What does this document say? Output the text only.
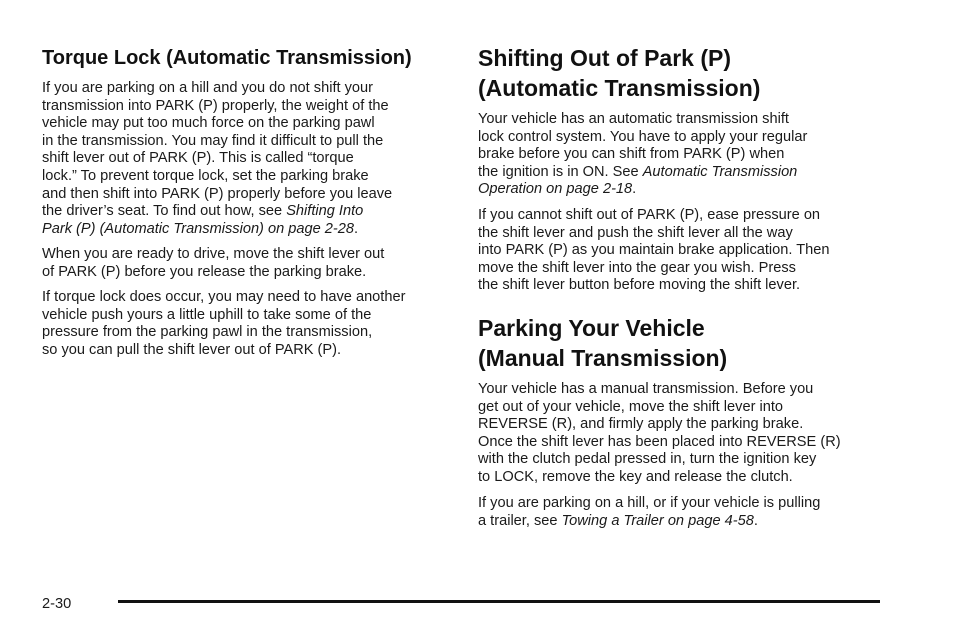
Torque Lock (Automatic Transmission)
If you are parking on a hill and you do not shift your
transmission into PARK (P) properly, the weight of the
vehicle may put too much force on the parking pawl
in the transmission. You may find it difficult to pull the
shift lever out of PARK (P). This is called “torque
lock.” To prevent torque lock, set the parking brake
and then shift into PARK (P) properly before you leave
the driver’s seat. To find out how, see Shifting Into
Park (P) (Automatic Transmission) on page 2-28.
When you are ready to drive, move the shift lever out
of PARK (P) before you release the parking brake.
If torque lock does occur, you may need to have another
vehicle push yours a little uphill to take some of the
pressure from the parking pawl in the transmission,
so you can pull the shift lever out of PARK (P).
Shifting Out of Park (P)
(Automatic Transmission)
Your vehicle has an automatic transmission shift
lock control system. You have to apply your regular
brake before you can shift from PARK (P) when
the ignition is in ON. See Automatic Transmission
Operation on page 2-18.
If you cannot shift out of PARK (P), ease pressure on
the shift lever and push the shift lever all the way
into PARK (P) as you maintain brake application. Then
move the shift lever into the gear you wish. Press
the shift lever button before moving the shift lever.
Parking Your Vehicle
(Manual Transmission)
Your vehicle has a manual transmission. Before you
get out of your vehicle, move the shift lever into
REVERSE (R), and firmly apply the parking brake.
Once the shift lever has been placed into REVERSE (R)
with the clutch pedal pressed in, turn the ignition key
to LOCK, remove the key and release the clutch.
If you are parking on a hill, or if your vehicle is pulling
a trailer, see Towing a Trailer on page 4-58.
2-30
